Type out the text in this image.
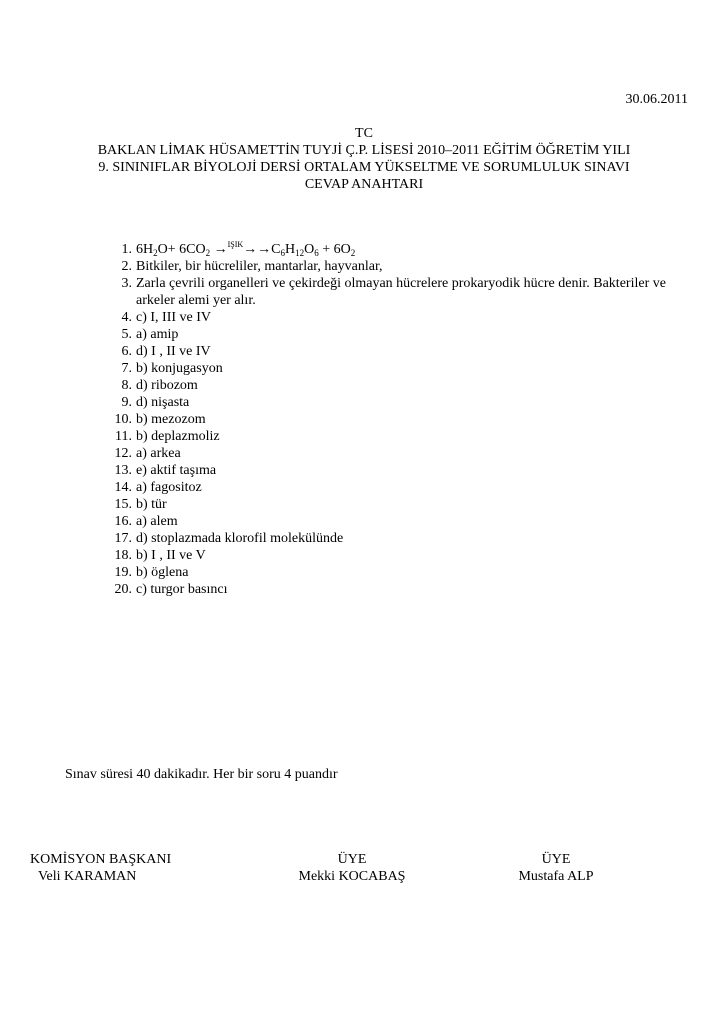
30.06.2011
TC
BAKLAN LİMAK HÜSAMETTİN TUYJİ Ç.P. LİSESİ 2010–2011 EĞİTİM ÖĞRETİM YILI
9. SININIFLAR BİYOLOJİ DERSİ ORTALAM YÜKSELTME VE SORUMLULUK SINAVI
CEVAP ANAHTARI
1. $6H_2O+ 6CO_2 \to^{IŞIK}\to\to C_6H_{12}O_6 + 6O_2$
2. Bitkiler, bir hücreliler, mantarlar, hayvanlar,
3. Zarla çevrili organelleri ve çekirdeği olmayan hücrelere prokaryodik hücre denir. Bakteriler ve arkeler alemi yer alır.
4. c) I, III ve IV
5. a) amip
6. d) I , II ve IV
7. b) konjugasyon
8. d) ribozom
9. d) nişasta
10. b) mezozom
11. b) deplazmoliz
12. a) arkea
13. e) aktif taşıma
14. a) fagositoz
15. b) tür
16. a) alem
17. d) stoplazmada klorofil molekülünde
18. b) I , II ve V
19. b) öglena
20. c) turgor basıncı
Sınav süresi 40 dakikadır. Her bir soru 4 puandır
KOMİSYON BAŞKANI
Veli KARAMAN
ÜYE
Mekki KOCABAŞ
ÜYE
Mustafa ALP
